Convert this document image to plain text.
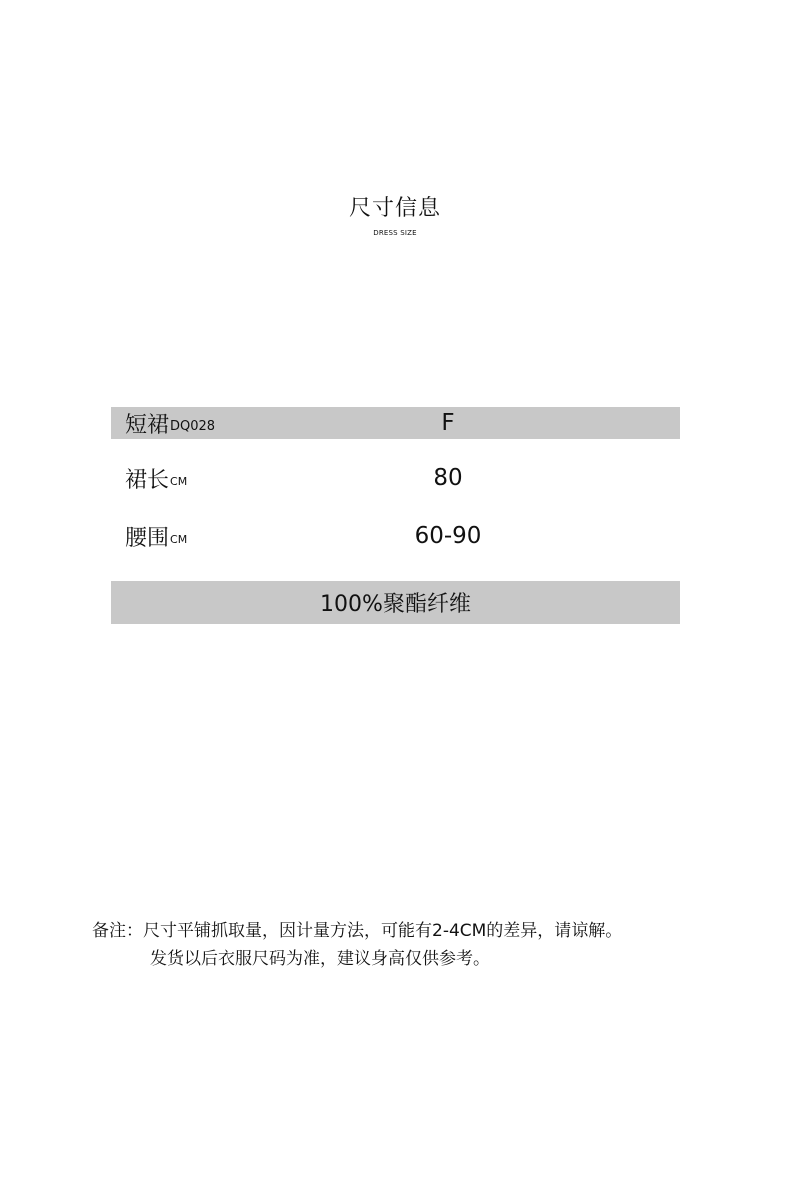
尺寸信息
DRESS SIZE
短裙 DQ028	F
裙长 CM	80
腰围 CM	60-90
100%聚酯纤维
备注：尺寸平铺抓取量，因计量方法，可能有2-4CM的差异，请谅解。
发货以后衣服尺码为准，建议身高仅供参考。
